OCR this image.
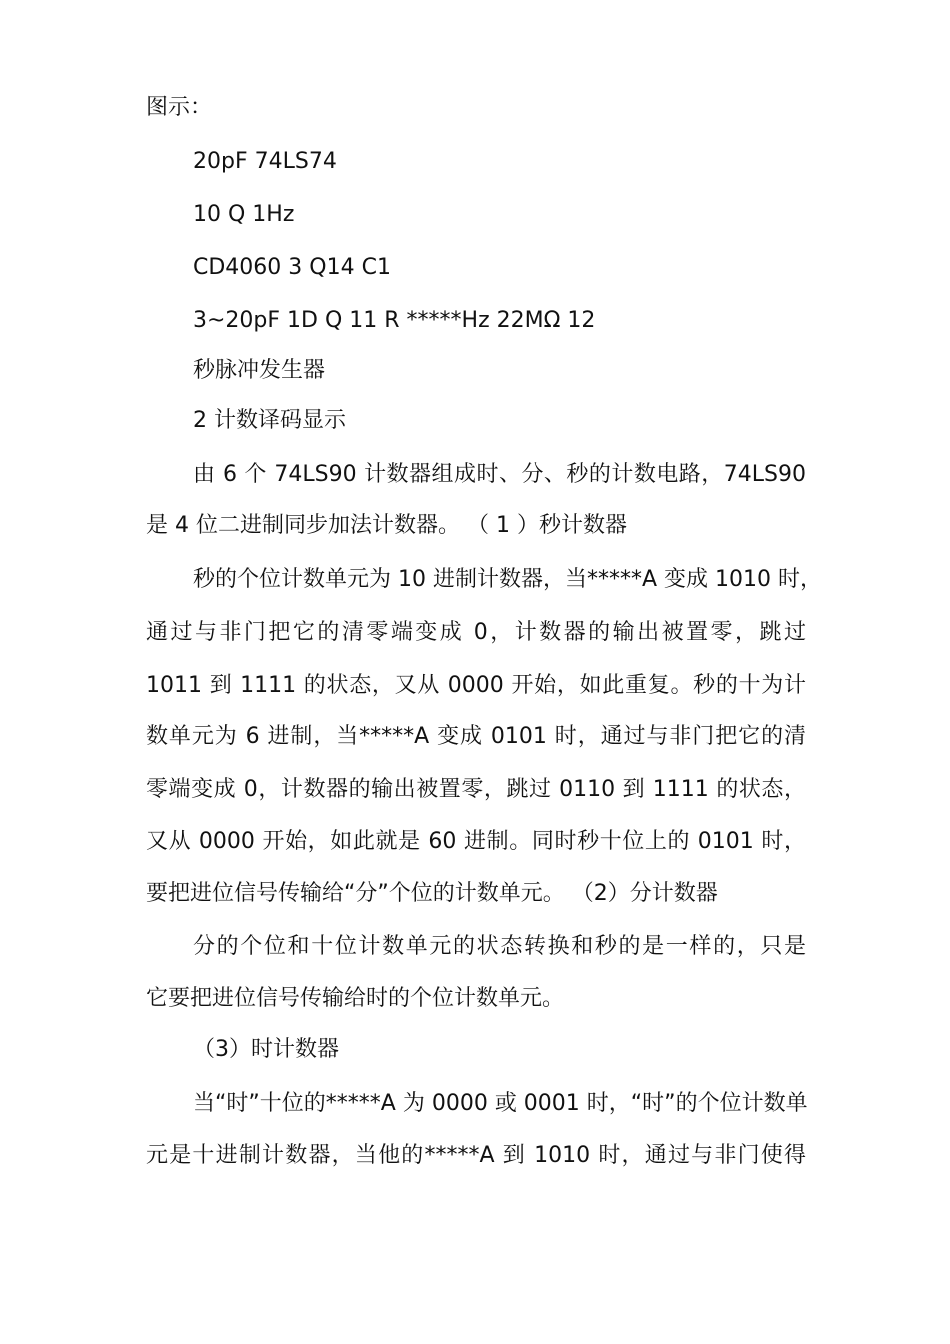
图示：
20pF 74LS74
10 Q 1Hz
CD4060 3 Q14 C1
3~20pF 1D Q 11 R *****Hz 22MΩ 12
秒脉冲发生器
2 计数译码显示
由 6 个 74LS90 计数器组成时、分、秒的计数电路，74LS90
是 4 位二进制同步加法计数器。 （ 1 ）秒计数器
秒的个位计数单元为 10 进制计数器，当*****A 变成 1010 时，
通过与非门把它的清零端变成 0，计数器的输出被置零，跳过
1011 到 1111 的状态，又从 0000 开始，如此重复。秒的十为计
数单元为 6 进制，当*****A 变成 0101 时，通过与非门把它的清
零端变成 0，计数器的输出被置零，跳过 0110 到 1111 的状态，
又从 0000 开始，如此就是 60 进制。同时秒十位上的 0101 时，
要把进位信号传输给“分”个位的计数单元。 （2）分计数器
分的个位和十位计数单元的状态转换和秒的是一样的，只是
它要把进位信号传输给时的个位计数单元。
（3）时计数器
当“时”十位的*****A 为 0000 或 0001 时，“时”的个位计数单
元是十进制计数器，当他的*****A 到 1010 时，通过与非门使得
